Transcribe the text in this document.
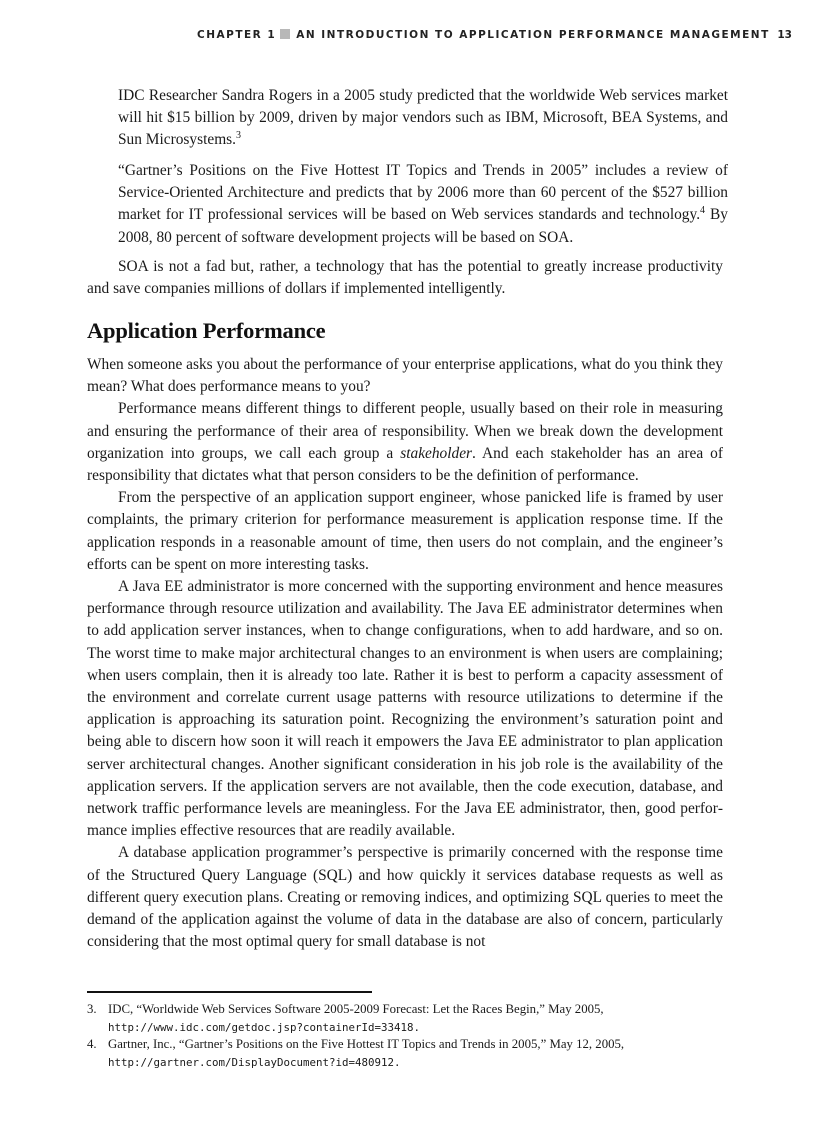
CHAPTER 1 AN INTRODUCTION TO APPLICATION PERFORMANCE MANAGEMENT 13

IDC Researcher Sandra Rogers in a 2005 study predicted that the worldwide Web services market will hit $15 billion by 2009, driven by major vendors such as IBM, Microsoft, BEA Systems, and Sun Microsystems.$^3$

“Gartner’s Positions on the Five Hottest IT Topics and Trends in 2005” includes a review of Service-Oriented Architecture and predicts that by 2006 more than 60 percent of the $527 billion market for IT professional services will be based on Web services standards and technology.$^4$ By 2008, 80 percent of software development projects will be based on SOA.

SOA is not a fad but, rather, a technology that has the potential to greatly increase productivity and save companies millions of dollars if implemented intelligently.

Application Performance

When someone asks you about the performance of your enterprise applications, what do you think they mean? What does performance means to you?

Performance means different things to different people, usually based on their role in measuring and ensuring the performance of their area of responsibility. When we break down the development organization into groups, we call each group a stakeholder. And each stakeholder has an area of responsibility that dictates what that person considers to be the definition of performance.

From the perspective of an application support engineer, whose panicked life is framed by user complaints, the primary criterion for performance measurement is application response time. If the application responds in a reasonable amount of time, then users do not complain, and the engineer’s efforts can be spent on more interesting tasks.

A Java EE administrator is more concerned with the supporting environment and hence measures performance through resource utilization and availability. The Java EE administrator determines when to add application server instances, when to change configurations, when to add hardware, and so on. The worst time to make major architectural changes to an environment is when users are complaining; when users complain, then it is already too late. Rather it is best to perform a capacity assessment of the environment and correlate current usage patterns with resource utilizations to determine if the application is approaching its saturation point. Recognizing the environment’s saturation point and being able to discern how soon it will reach it empowers the Java EE administrator to plan application server architectural changes. Another significant consideration in his job role is the availability of the application servers. If the application servers are not available, then the code execution, database, and network traffic performance levels are meaningless. For the Java EE administrator, then, good performance implies effective resources that are readily available.

A database application programmer’s perspective is primarily concerned with the response time of the Structured Query Language (SQL) and how quickly it services database requests as well as different query execution plans. Creating or removing indices, and optimizing SQL queries to meet the demand of the application against the volume of data in the database are also of concern, particularly considering that the most optimal query for small database is not

3. IDC, “Worldwide Web Services Software 2005-2009 Forecast: Let the Races Begin,” May 2005,
http://www.idc.com/getdoc.jsp?containerId=33418.
4. Gartner, Inc., “Gartner’s Positions on the Five Hottest IT Topics and Trends in 2005,” May 12, 2005,
http://gartner.com/DisplayDocument?id=480912.
